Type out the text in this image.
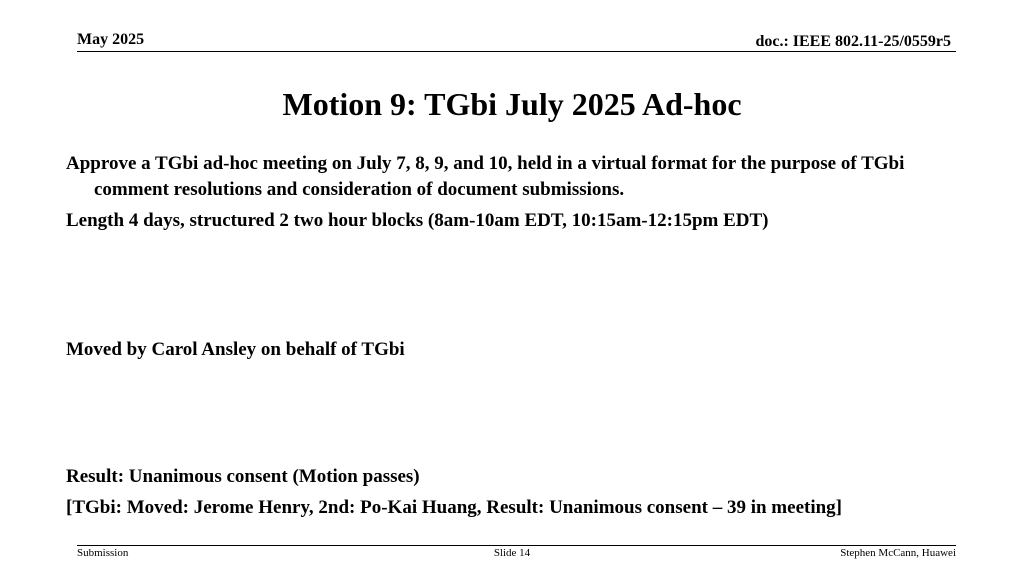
May 2025	doc.: IEEE 802.11-25/0559r5
Motion 9: TGbi July 2025 Ad-hoc

Approve a TGbi ad-hoc meeting on July 7, 8, 9, and 10, held in a virtual format for the purpose of TGbi comment resolutions and consideration of document submissions.

Length 4 days, structured 2 two hour blocks (8am-10am EDT, 10:15am-12:15pm EDT)

Moved by Carol Ansley on behalf of TGbi

Result: Unanimous consent (Motion passes)

[TGbi: Moved: Jerome Henry, 2nd: Po-Kai Huang, Result: Unanimous consent – 39 in meeting]

Submission	Slide 14	Stephen McCann, Huawei
